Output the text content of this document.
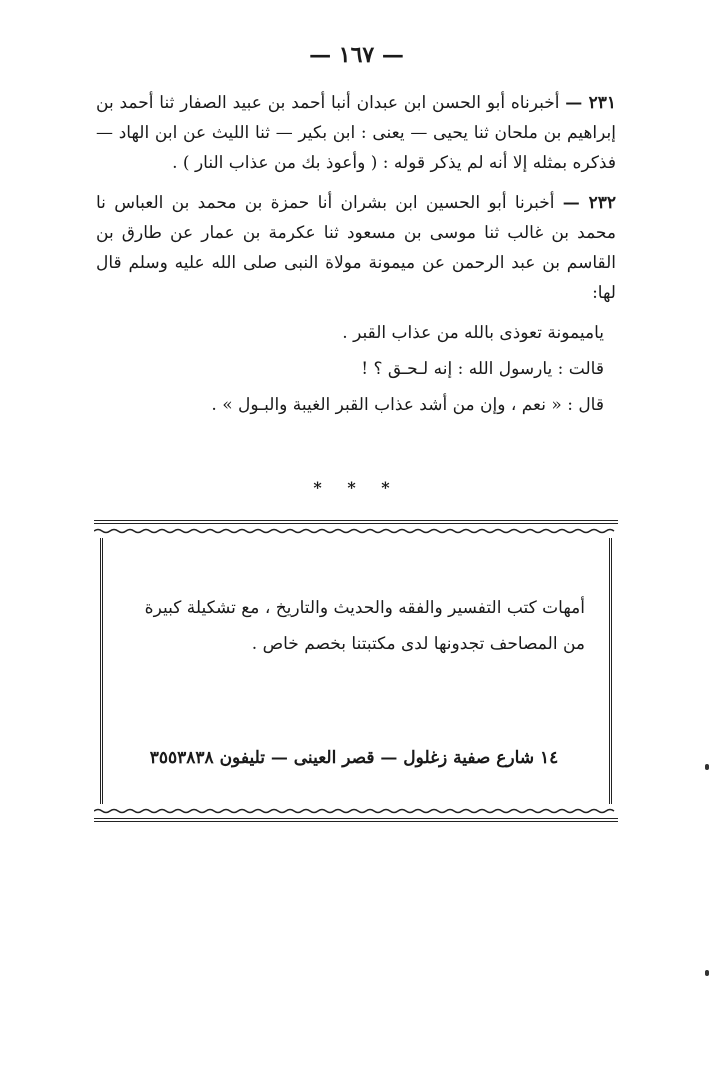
— ١٦٧ —

٢٣١ — أخبرناه أبو الحسن ابن عبدان أنبا أحمد بن عبيد الصفار ثنا أحمد بن إبراهيم بن ملحان ثنا يحيى — يعنى : ابن بكير — ثنا الليث عن ابن الهاد — فذكره بمثله إلا أنه لم يذكر قوله : ( وأعوذ بك من عذاب النار ) .

٢٣٢ — أخبرنا أبو الحسين ابن بشران أنا حمزة بن محمد بن العباس نا محمد بن غالب ثنا موسى بن مسعود ثنا عكرمة بن عمار عن طارق بن القاسم بن عبد الرحمن عن ميمونة مولاة النبى صلى الله عليه وسلم قال لها:

ياميمونة تعوذى بالله من عذاب القبر .
قالت : يارسول الله : إنه لـحـق ؟ !
قال : « نعم ، وإن من أشد عذاب القبر الغيبة والبـول » .
* * *
أمهات كتب التفسير والفقه والحديث والتاريخ ، مع تشكيلة كبيرة من المصاحف تجدونها لدى مكتبتنا بخصم خاص .
١٤ شارع صفية زغلول — قصر العينى — تليفون ٣٥٥٣٨٣٨
